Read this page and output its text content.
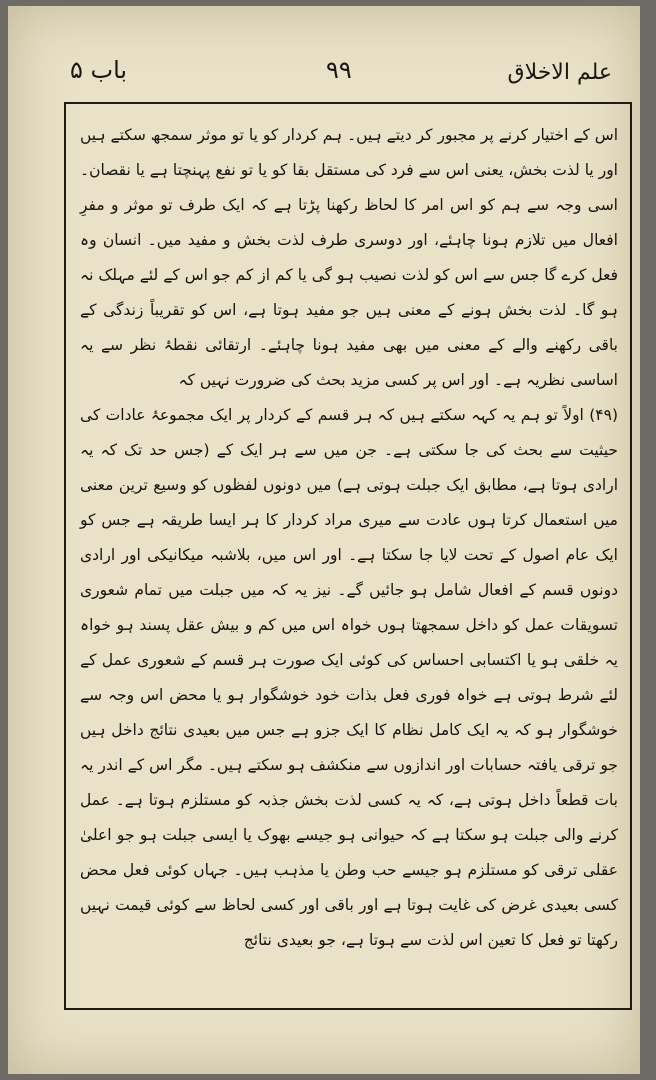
علم الاخلاق
۹۹
باب ۵

اس کے اختیار کرنے پر مجبور کر دیتے ہیں۔ ہم کردار کو یا تو موثر سمجھ سکتے ہیں اور یا لذت بخش، یعنی اس سے فرد کی مستقل بقا کو یا تو نفع پہنچتا ہے یا نقصان۔ اسی وجہ سے ہم کو اس امر کا لحاظ رکھنا پڑتا ہے کہ ایک طرف تو موثر و مفرِ افعال میں تلازم ہونا چاہئے، اور دوسری طرف لذت بخش و مفید میں۔ انسان وہ فعل کرے گا جس سے اس کو لذت نصیب ہو گی یا کم از کم جو اس کے لئے مہلک نہ ہو گا۔ لذت بخش ہونے کے معنی ہیں جو مفید ہوتا ہے، اس کو تقریباً زندگی کے باقی رکھنے والے کے معنی میں بھی مفید ہونا چاہئے۔ ارتقائی نقطۂ نظر سے یہ اساسی نظریہ ہے۔ اور اس پر کسی مزید بحث کی ضرورت نہیں کہ

(۴۹) اولاً تو ہم یہ کہہ سکتے ہیں کہ ہر قسم کے کردار پر ایک مجموعۂ عادات کی حیثیت سے بحث کی جا سکتی ہے۔ جن میں سے ہر ایک کے (جس حد تک کہ یہ ارادی ہوتا ہے، مطابق ایک جبلت ہوتی ہے) میں دونوں لفظوں کو وسیع ترین معنی میں استعمال کرتا ہوں عادت سے میری مراد کردار کا ہر ایسا طریقہ ہے جس کو ایک عام اصول کے تحت لایا جا سکتا ہے۔ اور اس میں، بلاشبہ میکانیکی اور ارادی دونوں قسم کے افعال شامل ہو جائیں گے۔ نیز یہ کہ میں جبلت میں تمام شعوری تسویقات عمل کو داخل سمجھتا ہوں خواہ اس میں کم و بیش عقل پسند ہو خواہ یہ خلقی ہو یا اکتسابی احساس کی کوئی ایک صورت ہر قسم کے شعوری عمل کے لئے شرط ہوتی ہے خواہ فوری فعل بذات خود خوشگوار ہو یا محض اس وجہ سے خوشگوار ہو کہ یہ ایک کامل نظام کا ایک جزو ہے جس میں بعیدی نتائج داخل ہیں جو ترقی یافتہ حسابات اور اندازوں سے منکشف ہو سکتے ہیں۔ مگر اس کے اندر یہ بات قطعاً داخل ہوتی ہے، کہ یہ کسی لذت بخش جذبہ کو مستلزم ہوتا ہے۔ عمل کرنے والی جبلت ہو سکتا ہے کہ حیوانی ہو جیسے بھوک یا ایسی جبلت ہو جو اعلیٰ عقلی ترقی کو مستلزم ہو جیسے حب وطن یا مذہب ہیں۔ جہاں کوئی فعل محض کسی بعیدی غرض کی غایت ہوتا ہے اور باقی اور کسی لحاظ سے کوئی قیمت نہیں رکھتا تو فعل کا تعین اس لذت سے ہوتا ہے، جو بعیدی نتائج
